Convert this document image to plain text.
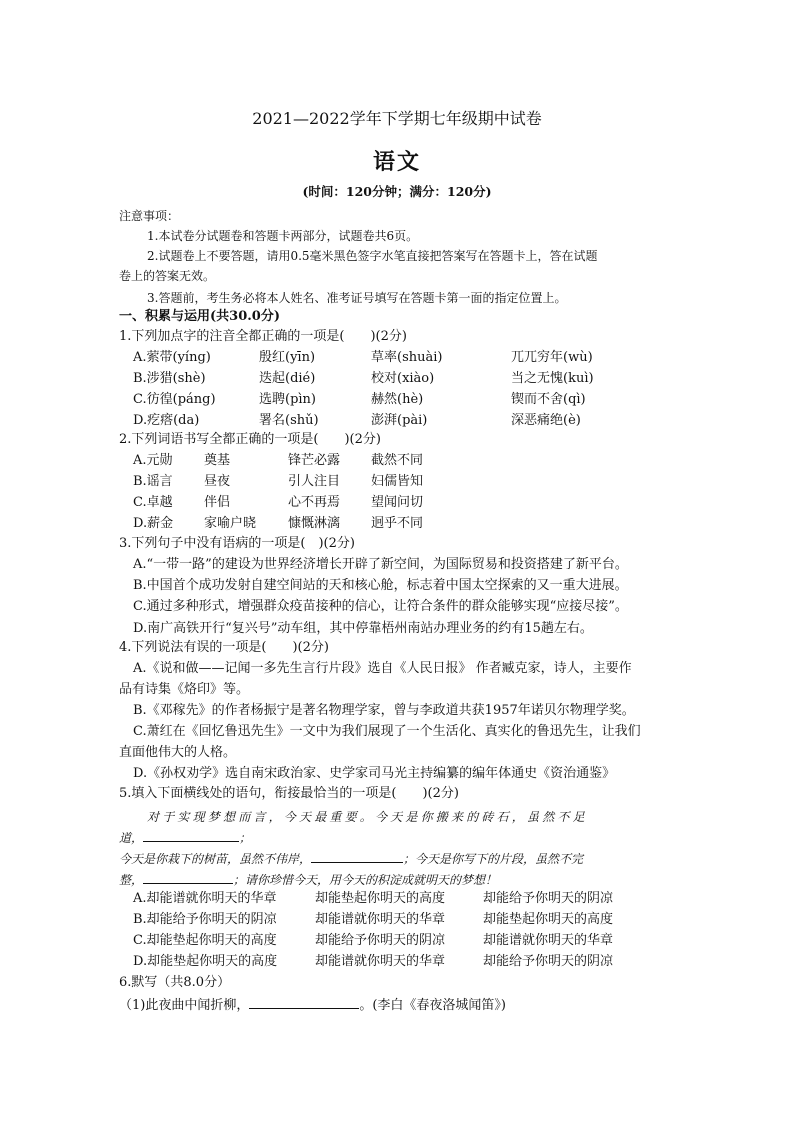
2021—2022学年下学期七年级期中试卷
语文
(时间：120分钟；满分：120分)
注意事项：
1.本试卷分试题卷和答题卡两部分，试题卷共6页。
2.试题卷上不要答题，请用0.5毫米黑色签字水笔直接把答案写在答题卡上，答在试题
卷上的答案无效。
3.答题前，考生务必将本人姓名、准考证号填写在答题卡第一面的指定位置上。
一、积累与运用(共30.0分)
1.下列加点字的注音全都正确的一项是(　　)(2分)
A.萦带(yíng)	殷红(yīn)	草率(shuài)	兀兀穷年(wù)
B.涉猎(shè)	迭起(dié)	校对(xiào)	当之无愧(kuì)
C.彷徨(páng)	选聘(pìn)	赫然(hè)	锲而不舍(qì)
D.疙瘩(da)	署名(shǔ)	澎湃(pài)	深恶痛绝(è)
2.下列词语书写全都正确的一项是(　　)(2分)
A.元勋 奠基	锋芒必露 截然不同
B.谣言 昼夜	引人注目 妇儒皆知
C.卓越 伴侣	心不再焉 望闻问切
D.薪金 家喻户晓 慷慨淋漓 迥乎不同
3.下列句子中没有语病的一项是(　)(2分)
A.“一带一路”的建设为世界经济增长开辟了新空间，为国际贸易和投资搭建了新平台。
B.中国首个成功发射自建空间站的天和核心舱，标志着中国太空探索的又一重大进展。
C.通过多种形式，增强群众疫苗接种的信心，让符合条件的群众能够实现“应接尽接”。
D.南广高铁开行“复兴号”动车组，其中停靠梧州南站办理业务的约有15趟左右。
4.下列说法有误的一项是(　　)(2分)
A.《说和做——记闻一多先生言行片段》选自《人民日报》 作者臧克家，诗人，主要作
品有诗集《烙印》等。
B.《邓稼先》的作者杨振宁是著名物理学家，曾与李政道共获1957年诺贝尔物理学奖。
C.萧红在《回忆鲁迅先生》一文中为我们展现了一个生活化、真实化的鲁迅先生，让我们
直面他伟大的人格。
D.《孙权劝学》选自南宋政治家、史学家司马光主持编纂的编年体通史《资治通鉴》
5.填入下面横线处的语句，衔接最恰当的一项是(　　)(2分)
对于实现梦想而言，今天最重要。今天是你搬来的砖石，虽然不足
道，	；
今天是你栽下的树苗，虽然不伟岸，	；今天是你写下的片段，虽然不完
整，	；请你珍惜今天，用今天的积淀成就明天的梦想！
A.却能谱就你明天的华章	却能垫起你明天的高度	却能给予你明天的阴凉
B.却能给予你明天的阴凉	却能谱就你明天的华章	却能垫起你明天的高度
C.却能垫起你明天的高度	却能给予你明天的阴凉	却能谱就你明天的华章
D.却能垫起你明天的高度	却能谱就你明天的华章	却能给予你明天的阴凉
6.默写（共8.0分）
（1)此夜曲中闻折柳，	。(李白《春夜洛城闻笛》)
